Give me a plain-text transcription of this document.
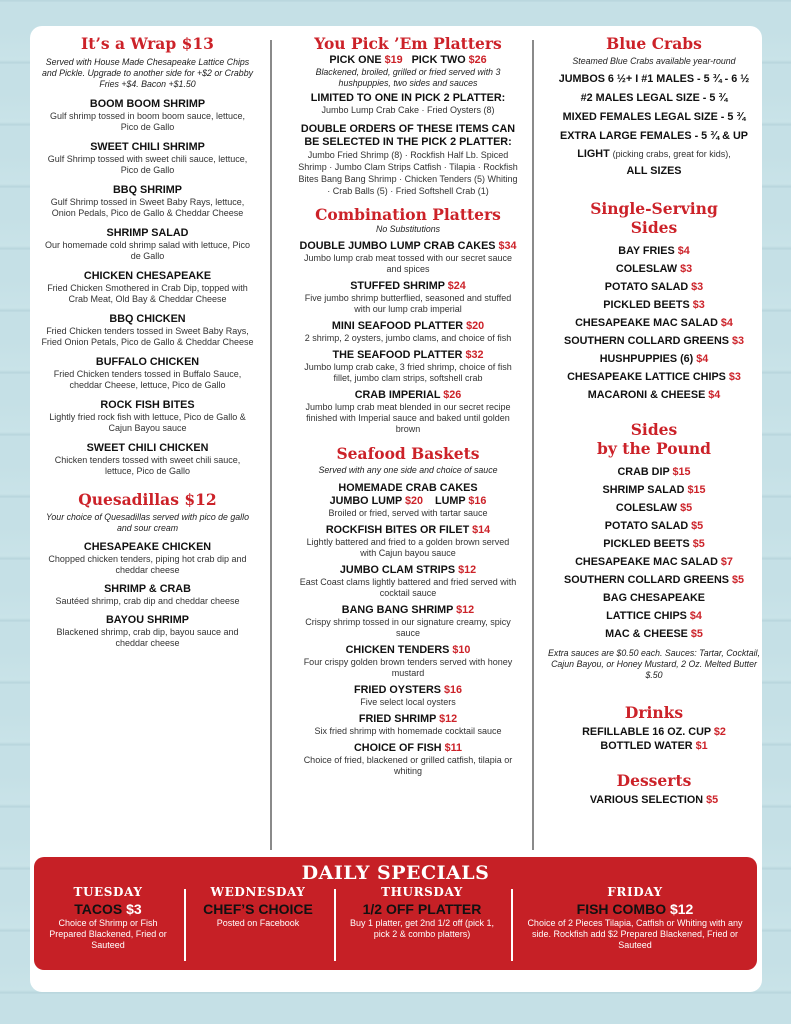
It’s a Wrap $13
Served with House Made Chesapeake Lattice Chips and Pickle. Upgrade to another side for +$2 or Crabby Fries +$4. Bacon +$1.50
BOOM BOOM SHRIMP
Gulf shrimp tossed in boom boom sauce, lettuce, Pico de Gallo
SWEET CHILI SHRIMP
Gulf Shrimp tossed with sweet chili sauce, lettuce, Pico de Gallo
BBQ SHRIMP
Gulf Shrimp tossed in Sweet Baby Rays, lettuce, Onion Pedals, Pico de Gallo & Cheddar Cheese
SHRIMP SALAD
Our homemade cold shrimp salad with lettuce, Pico de Gallo
CHICKEN CHESAPEAKE
Fried Chicken Smothered in Crab Dip, topped with Crab Meat, Old Bay & Cheddar Cheese
BBQ CHICKEN
Fried Chicken tenders tossed in Sweet Baby Rays, Fried Onion Petals, Pico de Gallo & Cheddar Cheese
BUFFALO CHICKEN
Fried Chicken tenders tossed in Buffalo Sauce, cheddar Cheese, lettuce, Pico de Gallo
ROCK FISH BITES
Lightly fried rock fish with lettuce, Pico de Gallo & Cajun Bayou sauce
SWEET CHILI CHICKEN
Chicken tenders tossed with sweet chili sauce, lettuce, Pico de Gallo
Quesadillas $12
Your choice of Quesadillas served with pico de gallo and sour cream
CHESAPEAKE CHICKEN
Chopped chicken tenders, piping hot crab dip and cheddar cheese
SHRIMP & CRAB
Sautéed shrimp, crab dip and cheddar cheese
BAYOU SHRIMP
Blackened shrimp, crab dip, bayou sauce and cheddar cheese
You Pick ’Em Platters
PICK ONE $19 PICK TWO $26
Blackened, broiled, grilled or fried served with 3 hushpuppies, two sides and sauces
LIMITED TO ONE IN PICK 2 PLATTER:
Jumbo Lump Crab Cake · Fried Oysters (8)
DOUBLE ORDERS OF THESE ITEMS CAN BE SELECTED IN THE PICK 2 PLATTER:
Jumbo Fried Shrimp (8) · Rockfish Half Lb. Spiced Shrimp · Jumbo Clam Strips Catfish · Tilapia · Rockfish Bites Bang Bang Shrimp · Chicken Tenders (5) Whiting · Crab Balls (5) · Fried Softshell Crab (1)
Combination Platters
No Substitutions
DOUBLE JUMBO LUMP CRAB CAKES $34
Jumbo lump crab meat tossed with our secret sauce and spices
STUFFED SHRIMP $24
Five jumbo shrimp butterflied, seasoned and stuffed with our lump crab imperial
MINI SEAFOOD PLATTER $20
2 shrimp, 2 oysters, jumbo clams, and choice of fish
THE SEAFOOD PLATTER $32
Jumbo lump crab cake, 3 fried shrimp, choice of fish fillet, jumbo clam strips, softshell crab
CRAB IMPERIAL $26
Jumbo lump crab meat blended in our secret recipe finished with Imperial sauce and baked until golden brown
Seafood Baskets
Served with any one side and choice of sauce
HOMEMADE CRAB CAKES
JUMBO LUMP $20 LUMP $16
Broiled or fried, served with tartar sauce
ROCKFISH BITES OR FILET $14
Lightly battered and fried to a golden brown served with Cajun bayou sauce
JUMBO CLAM STRIPS $12
East Coast clams lightly battered and fried served with cocktail sauce
BANG BANG SHRIMP $12
Crispy shrimp tossed in our signature creamy, spicy sauce
CHICKEN TENDERS $10
Four crispy golden brown tenders served with honey mustard
FRIED OYSTERS $16
Five select local oysters
FRIED SHRIMP $12
Six fried shrimp with homemade cocktail sauce
CHOICE OF FISH $11
Choice of fried, blackened or grilled catfish, tilapia or whiting
Blue Crabs
Steamed Blue Crabs available year-round
JUMBOS 6 ½+ I #1 MALES - 5 ¾ - 6 ½
#2 MALES LEGAL SIZE - 5 ¾
MIXED FEMALES LEGAL SIZE - 5 ¾
EXTRA LARGE FEMALES - 5 ¾ & UP
LIGHT (picking crabs, great for kids),
ALL SIZES
Single-Serving
Sides
BAY FRIES $4
COLESLAW $3
POTATO SALAD $3
PICKLED BEETS $3
CHESAPEAKE MAC SALAD $4
SOUTHERN COLLARD GREENS $3
HUSHPUPPIES (6) $4
CHESAPEAKE LATTICE CHIPS $3
MACARONI & CHEESE $4
Sides
by the Pound
CRAB DIP $15
SHRIMP SALAD $15
COLESLAW $5
POTATO SALAD $5
PICKLED BEETS $5
CHESAPEAKE MAC SALAD $7
SOUTHERN COLLARD GREENS $5
BAG CHESAPEAKE
LATTICE CHIPS $4
MAC & CHEESE $5
Extra sauces are $0.50 each. Sauces: Tartar, Cocktail, Cajun Bayou, or Honey Mustard, 2 Oz. Melted Butter $.50
Drinks
REFILLABLE 16 OZ. CUP $2
BOTTLED WATER $1
Desserts
VARIOUS SELECTION $5
DAILY SPECIALS
TUESDAY
TACOS $3
Choice of Shrimp or Fish Prepared Blackened, Fried or Sauteed
WEDNESDAY
CHEF’S CHOICE
Posted on Facebook
THURSDAY
1/2 OFF PLATTER
Buy 1 platter, get 2nd 1/2 off (pick 1, pick 2 & combo platters)
FRIDAY
FISH COMBO $12
Choice of 2 Pieces Tilapia, Catfish or Whiting with any side. Rockfish add $2 Prepared Blackened, Fried or Sauteed
